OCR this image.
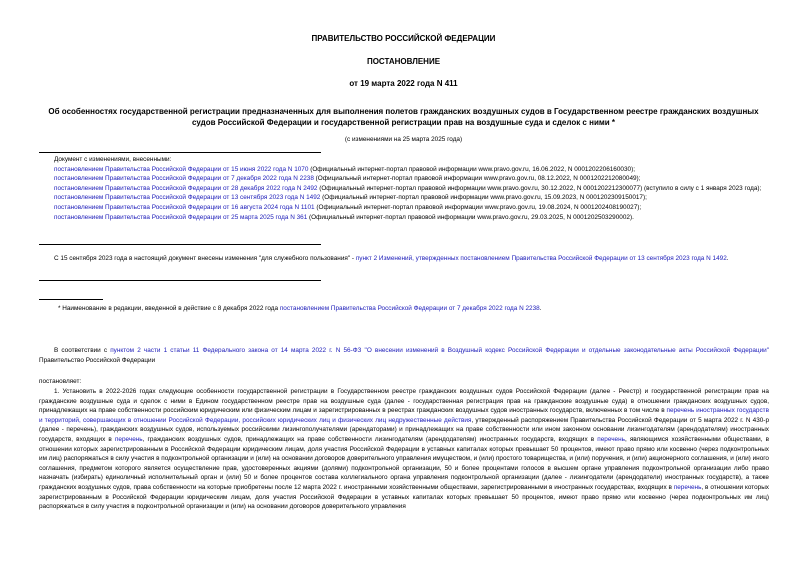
ПРАВИТЕЛЬСТВО РОССИЙСКОЙ ФЕДЕРАЦИИ
ПОСТАНОВЛЕНИЕ
от 19 марта 2022 года N 411
Об особенностях государственной регистрации предназначенных для выполнения полетов гражданских воздушных судов в Государственном реестре гражданских воздушных судов Российской Федерации и государственной регистрации прав на воздушные суда и сделок с ними *
(с изменениями на 25 марта 2025 года)
Документ с изменениями, внесенными:
постановлением Правительства Российской Федерации от 15 июня 2022 года N 1070 (Официальный интернет-портал правовой информации www.pravo.gov.ru, 16.06.2022, N 0001202206160030);
постановлением Правительства Российской Федерации от 7 декабря 2022 года N 2238 (Официальный интернет-портал правовой информации www.pravo.gov.ru, 08.12.2022, N 0001202212080049);
постановлением Правительства Российской Федерации от 28 декабря 2022 года N 2492 (Официальный интернет-портал правовой информации www.pravo.gov.ru, 30.12.2022, N 0001202212300077) (вступило в силу с 1 января 2023 года);
постановлением Правительства Российской Федерации от 13 сентября 2023 года N 1492 (Официальный интернет-портал правовой информации www.pravo.gov.ru, 15.09.2023, N 0001202309150017);
постановлением Правительства Российской Федерации от 16 августа 2024 года N 1101 (Официальный интернет-портал правовой информации www.pravo.gov.ru, 19.08.2024, N 0001202408190027);
постановлением Правительства Российской Федерации от 25 марта 2025 года N 361 (Официальный интернет-портал правовой информации www.pravo.gov.ru, 29.03.2025, N 0001202503290002).
С 15 сентября 2023 года в настоящий документ внесены изменения "для служебного пользования" - пункт 2 Изменений, утвержденных постановлением Правительства Российской Федерации от 13 сентября 2023 года N 1492.
* Наименование в редакции, введенной в действие с 8 декабря 2022 года постановлением Правительства Российской Федерации от 7 декабря 2022 года N 2238.
В соответствии с пунктом 2 части 1 статьи 11 Федерального закона от 14 марта 2022 г. N 56-ФЗ "О внесении изменений в Воздушный кодекс Российской Федерации и отдельные законодательные акты Российской Федерации" Правительство Российской Федерации
постановляет:
1. Установить в 2022-2026 годах следующие особенности государственной регистрации в Государственном реестре гражданских воздушных судов Российской Федерации (далее - Реестр) и государственной регистрации прав на гражданские воздушные суда и сделок с ними в Едином государственном реестре прав на воздушные суда (далее - государственная регистрация прав на гражданские воздушные суда) в отношении гражданских воздушных судов, принадлежащих на праве собственности российским юридическим или физическим лицам и зарегистрированных в реестрах гражданских воздушных судов иностранных государств, включенных в том числе в перечень иностранных государств и территорий, совершающих в отношении Российской Федерации, российских юридических лиц и физических лиц недружественные действия, утвержденный распоряжением Правительства Российской Федерации от 5 марта 2022 г. N 430-р (далее - перечень), гражданских воздушных судов, используемых российскими лизингополучателями (арендаторами) и принадлежащих на праве собственности или ином законном основании лизингодателям (арендодателям) иностранных государств, входящих в перечень, гражданских воздушных судов, принадлежащих на праве собственности лизингодателям (арендодателям) иностранных государств, входящих в перечень, являющимся хозяйственными обществами, в отношении которых зарегистрированным в Российской Федерации юридическим лицам, доля участия Российской Федерации в уставных капиталах которых превышает 50 процентов, имеют право прямо или косвенно (через подконтрольных им лиц) распоряжаться в силу участия в подконтрольной организации и (или) на основании договоров доверительного управления имуществом, и (или) простого товарищества, и (или) поручения, и (или) акционерного соглашения, и (или) иного соглашения, предметом которого является осуществление прав, удостоверенных акциями (долями) подконтрольной организации, 50 и более процентами голосов в высшем органе управления подконтрольной организации либо право назначать (избирать) единоличный исполнительный орган и (или) 50 и более процентов состава коллегиального органа управления подконтрольной организации (далее - лизингодатели (арендодатели) иностранных государств), а также гражданских воздушных судов, права собственности на которые приобретены после 12 марта 2022 г. иностранными хозяйственными обществами, зарегистрированными в иностранных государствах, входящих в перечень, в отношении которых зарегистрированным в Российской Федерации юридическим лицам, доля участия Российской Федерации в уставных капиталах которых превышает 50 процентов, имеют право прямо или косвенно (через подконтрольных им лиц) распоряжаться в силу участия в подконтрольной организации и (или) на основании договоров доверительного управления
